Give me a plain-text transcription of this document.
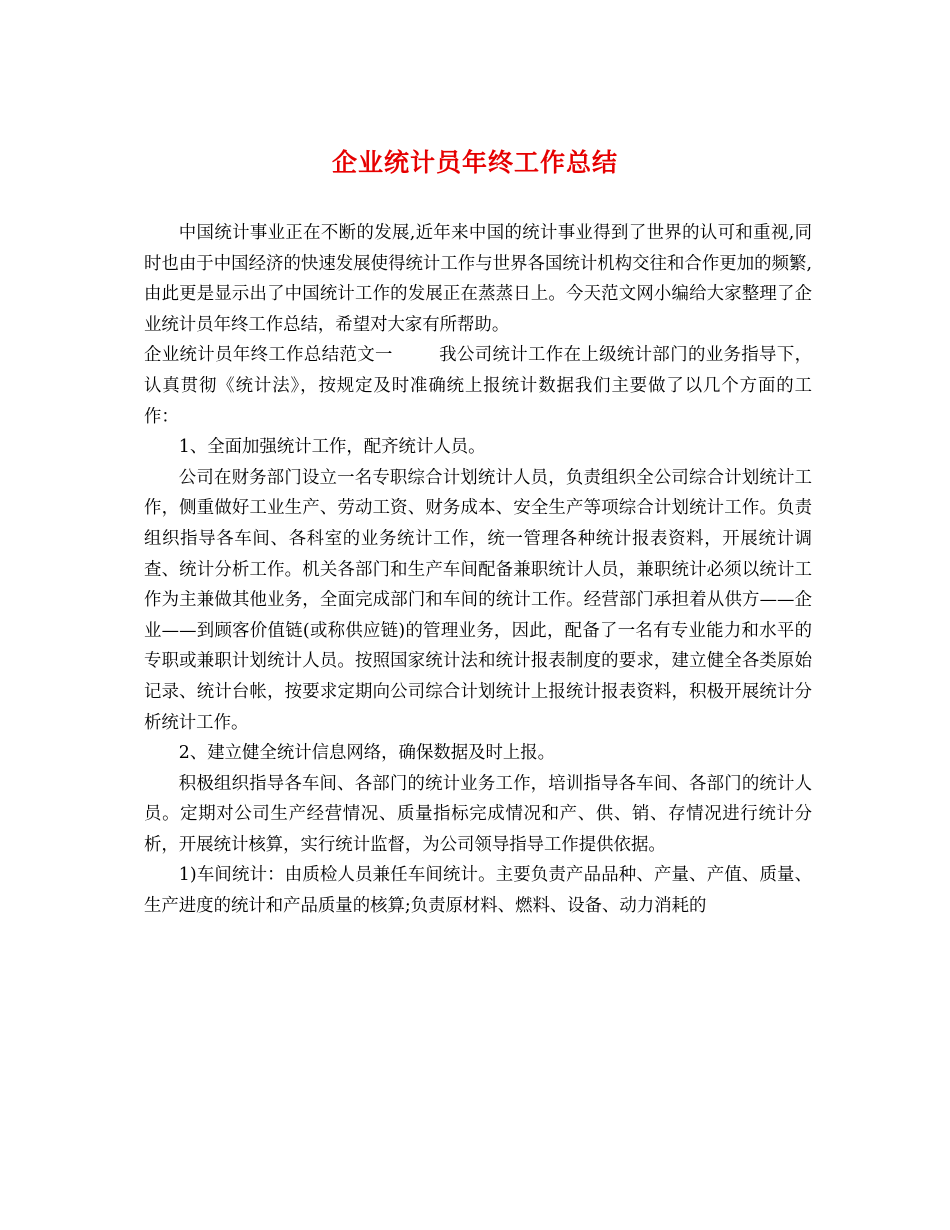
企业统计员年终工作总结

中国统计事业正在不断的发展,近年来中国的统计事业得到了世界的认可和重视,同时也由于中国经济的快速发展使得统计工作与世界各国统计机构交往和合作更加的频繁,由此更是显示出了中国统计工作的发展正在蒸蒸日上。今天范文网小编给大家整理了企业统计员年终工作总结，希望对大家有所帮助。

企业统计员年终工作总结范文一	我公司统计工作在上级统计部门的业务指导下，认真贯彻《统计法》，按规定及时准确统上报统计数据我们主要做了以几个方面的工作：

1、全面加强统计工作，配齐统计人员。

公司在财务部门设立一名专职综合计划统计人员，负责组织全公司综合计划统计工作，侧重做好工业生产、劳动工资、财务成本、安全生产等项综合计划统计工作。负责组织指导各车间、各科室的业务统计工作，统一管理各种统计报表资料，开展统计调查、统计分析工作。机关各部门和生产车间配备兼职统计人员，兼职统计必须以统计工作为主兼做其他业务，全面完成部门和车间的统计工作。经营部门承担着从供方——企业——到顾客价值链(或称供应链)的管理业务，因此，配备了一名有专业能力和水平的专职或兼职计划统计人员。按照国家统计法和统计报表制度的要求，建立健全各类原始记录、统计台帐，按要求定期向公司综合计划统计上报统计报表资料，积极开展统计分析统计工作。

2、建立健全统计信息网络，确保数据及时上报。

积极组织指导各车间、各部门的统计业务工作，培训指导各车间、各部门的统计人员。定期对公司生产经营情况、质量指标完成情况和产、供、销、存情况进行统计分析，开展统计核算，实行统计监督，为公司领导指导工作提供依据。

1)车间统计：由质检人员兼任车间统计。主要负责产品品种、产量、产值、质量、生产进度的统计和产品质量的核算;负责原材料、燃料、设备、动力消耗的
